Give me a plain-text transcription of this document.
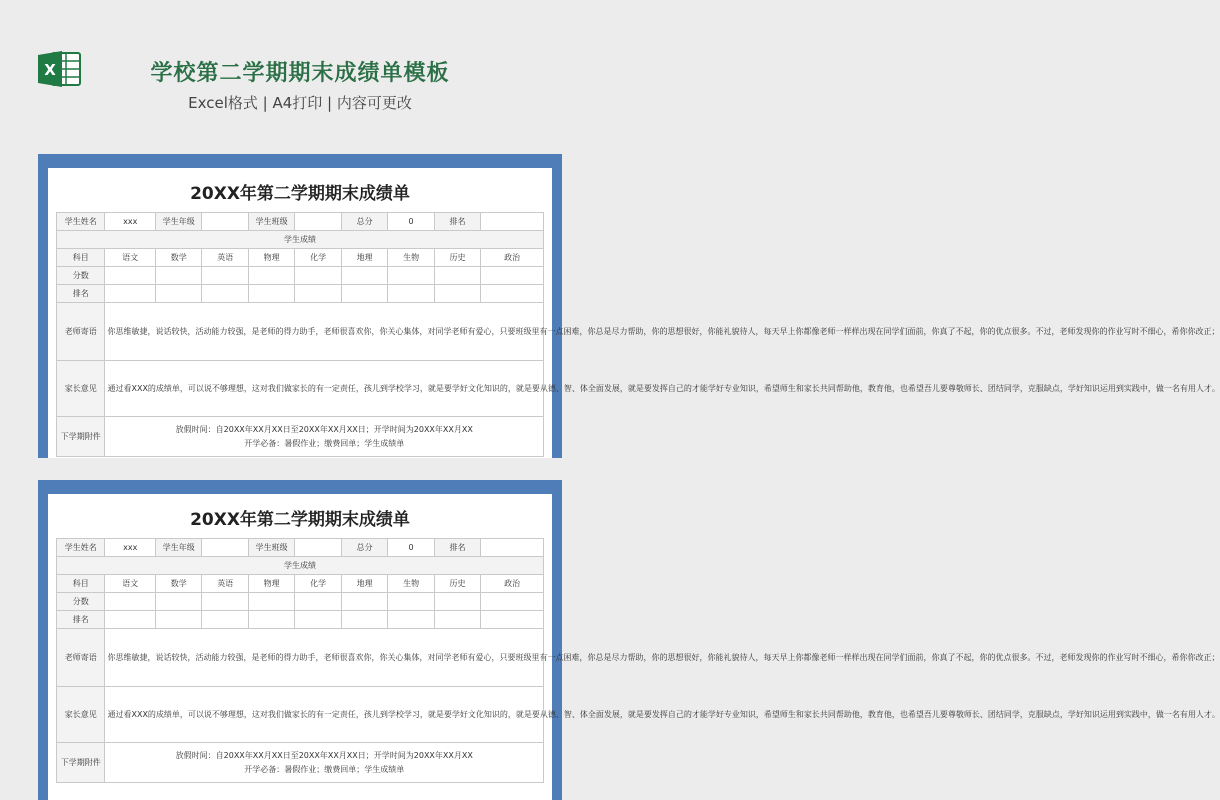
X	学校第二学期期末成绩单模板
Excel格式 | A4打印 | 内容可更改
20XX年第二学期期末成绩单
学生姓名	xxx	学生年级		学生班级		总分	0	排名	
学生成绩									
科目	语文	数学	英语	物理	化学	地理	生物	历史	政治
分数									
排名									
老师寄语	你思维敏捷，说话较快，活动能力较强，是老师的得力助手，老师很喜欢你，你关心集体，对同学老师有爱心，只要班级里有一点困难，你总是尽力帮助，你的思想很好，你能礼貌待人，每天早上你都像老师一样样出现在同学们面前，你真了不起，你的优点很多。不过，老师发现你的作业写时不细心，希你你改正；								
家长意见	通过看XXX的成绩单，可以说不够理想，这对我们做家长的有一定责任，孩儿到学校学习，就是要学好文化知识的，就是要从德、智、体全面发展，就是要发挥自己的才能学好专业知识，希望师生和家长共同帮助他，教育他，也希望吾儿要尊敬师长、团结同学，克服缺点，学好知识运用到实践中，做一名有用人才。								
下学期附件	放假时间：自20XX年XX月XX日至20XX年XX月XX日；开学时间为20XX年XX月XX
开学必备：暑假作业；缴费回单；学生成绩单								
20XX年第二学期期末成绩单
学生姓名	xxx	学生年级		学生班级		总分	0	排名	
学生成绩									
科目	语文	数学	英语	物理	化学	地理	生物	历史	政治
分数									
排名									
老师寄语	你思维敏捷，说话较快，活动能力较强，是老师的得力助手，老师很喜欢你，你关心集体，对同学老师有爱心，只要班级里有一点困难，你总是尽力帮助，你的思想很好，你能礼貌待人，每天早上你都像老师一样样出现在同学们面前，你真了不起，你的优点很多。不过，老师发现你的作业写时不细心，希你你改正；								
家长意见	通过看XXX的成绩单，可以说不够理想，这对我们做家长的有一定责任，孩儿到学校学习，就是要学好文化知识的，就是要从德、智、体全面发展，就是要发挥自己的才能学好专业知识，希望师生和家长共同帮助他，教育他，也希望吾儿要尊敬师长、团结同学，克服缺点，学好知识运用到实践中，做一名有用人才。								
下学期附件	放假时间：自20XX年XX月XX日至20XX年XX月XX日；开学时间为20XX年XX月XX
开学必备：暑假作业；缴费回单；学生成绩单								
